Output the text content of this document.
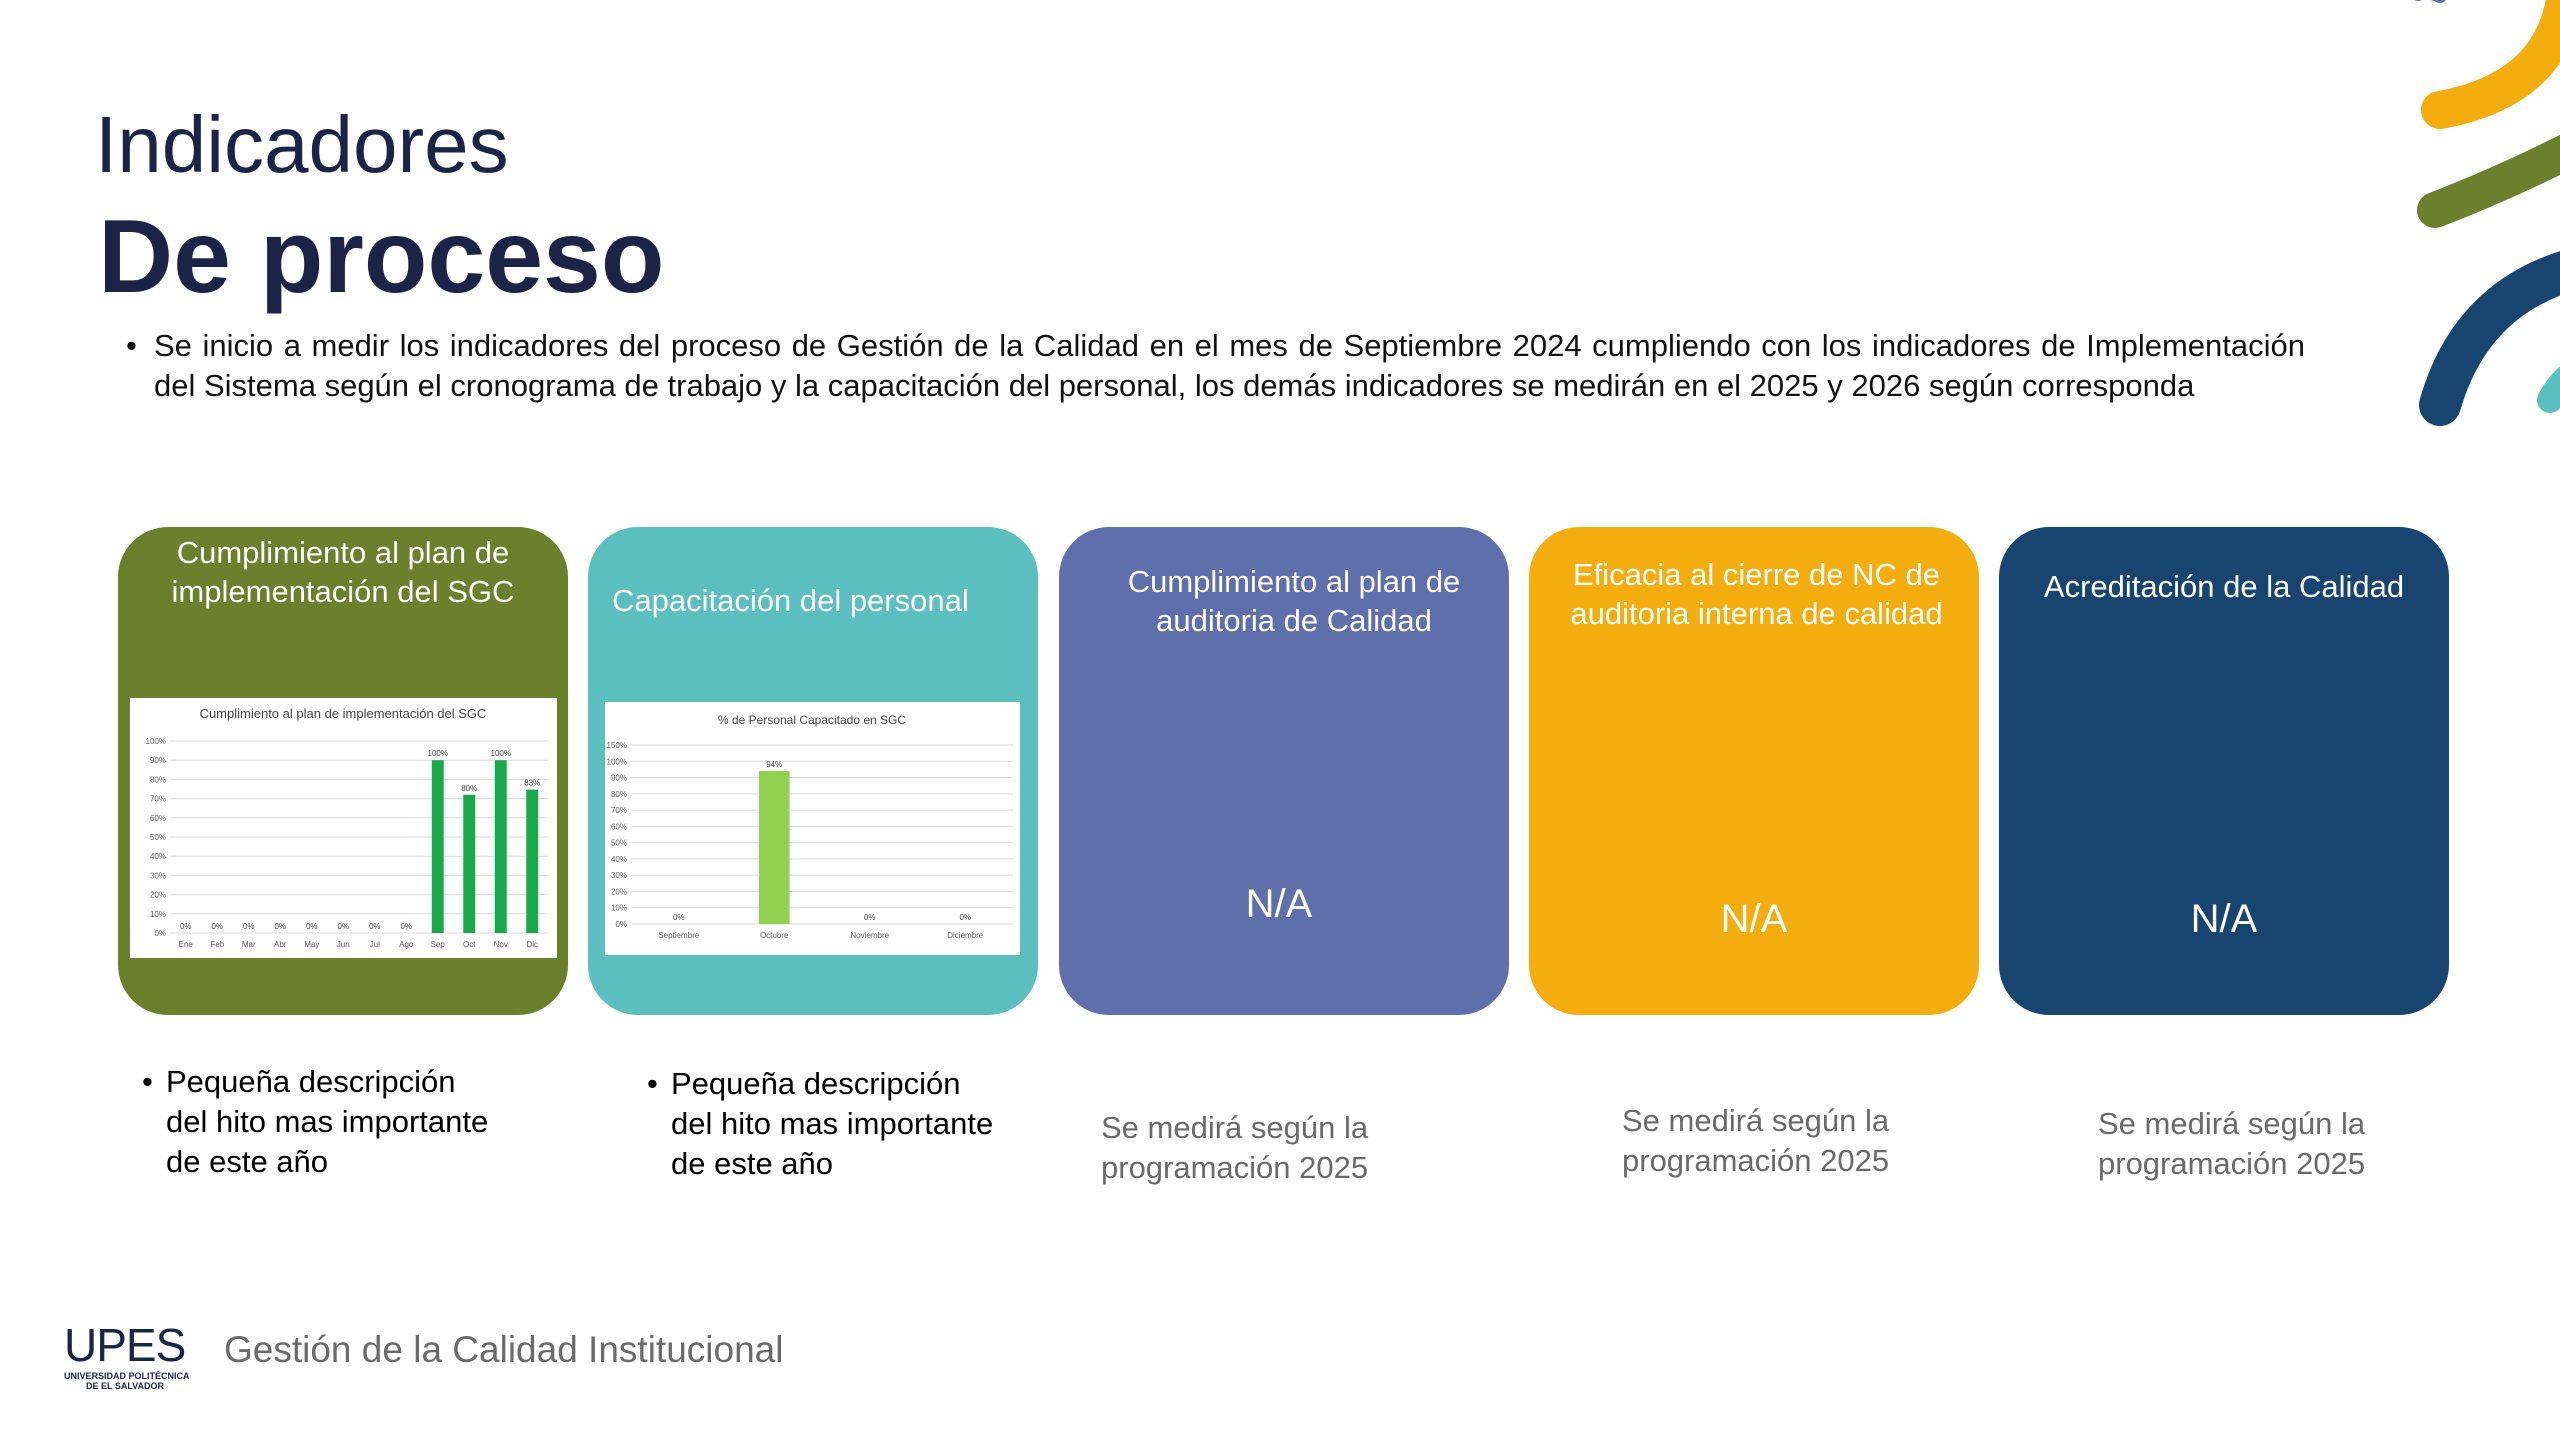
Indicadores
De proceso
• Se inicio a medir los indicadores del proceso de Gestión de la Calidad en el mes de Septiembre 2024 cumpliendo con los indicadores de Implementación del Sistema según el cronograma de trabajo y la capacitación del personal, los demás indicadores se medirán en el 2025 y 2026 según corresponda
Cumplimiento al plan de implementación del SGC
Cumplimiento al plan de implementación del SGC
0%
10%
20%
30%
40%
50%
60%
70%
80%
90%
100%
0%
Ene
0%
Feb
0%
Mar
0%
Abr
0%
May
0%
Jun
0%
Jul
0%
Ago
100%
Sep
80%
Oct
100%
Nov
83%
Dic
Capacitación del personal
% de Personal Capacitado en SGC
0%
10%
20%
30%
40%
50%
60%
70%
80%
90%
100%
150%
0%
Septiembre
94%
Octubre
0%
Noviembre
0%
Diciembre
Cumplimiento al plan de auditoria de Calidad
N/A
Eficacia al cierre de NC de auditoria interna de calidad
N/A
Acreditación de la Calidad
N/A
• Pequeña descripción del hito mas importante de este año
• Pequeña descripción del hito mas importante de este año
Se medirá según la programación 2025
Se medirá según la programación 2025
Se medirá según la programación 2025
UPES
UNIVERSIDAD POLITÉCNICA
DE EL SALVADOR
Gestión de la Calidad Institucional
